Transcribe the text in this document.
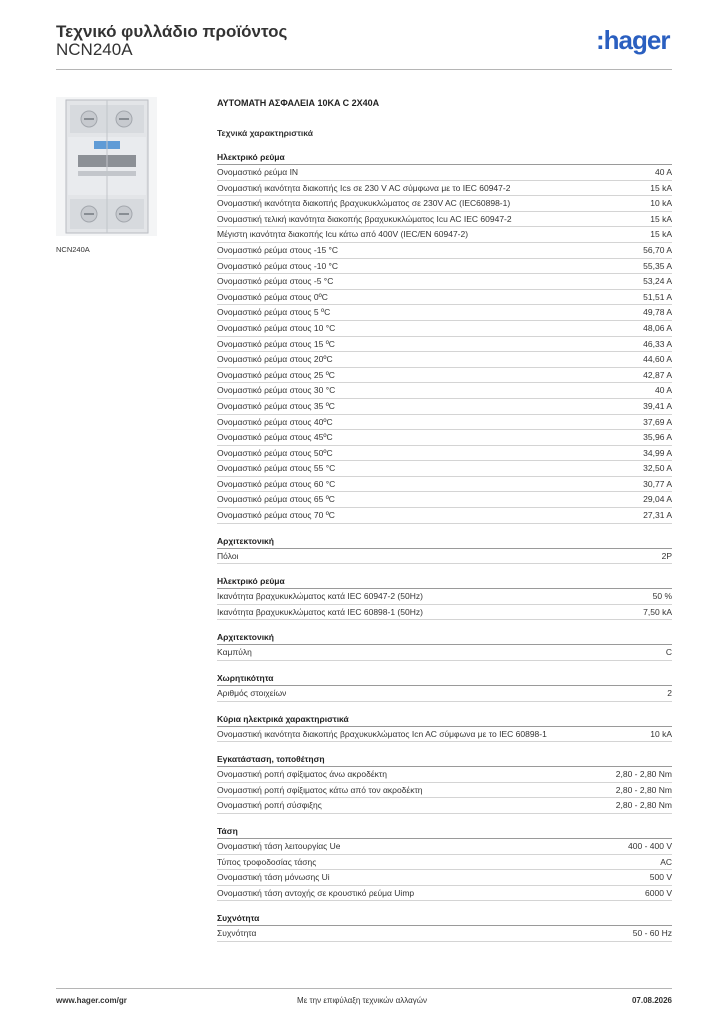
Τεχνικό φυλλάδιο προϊόντος
NCN240A	:hager
NCN240A
ΑΥΤΟΜΑΤΗ ΑΣΦΑΛΕΙΑ 10KA C 2X40A
Τεχνικά χαρακτηριστικά
Ηλεκτρικό ρεύμα
Ονομαστικό ρεύμα IN	40 A
Ονομαστική ικανότητα διακοπής Ics σε 230 V AC σύμφωνα με το IEC 60947-2	15 kA
Ονομαστική ικανότητα διακοπής βραχυκυκλώματος σε 230V AC (IEC60898-1)	10 kA
Ονομαστική τελική ικανότητα διακοπής βραχυκυκλώματος Icu AC IEC 60947-2	15 kA
Μέγιστη ικανότητα διακοπής Icu κάτω από 400V (IEC/EN 60947-2)	15 kA
Ονομαστικό ρεύμα στους -15 °C	56,70 A
Ονομαστικό ρεύμα στους -10 °C	55,35 A
Ονομαστικό ρεύμα στους -5 °C	53,24 A
Ονομαστικό ρεύμα στους 0ºC	51,51 A
Ονομαστικό ρεύμα στους 5 ºC	49,78 A
Ονομαστικό ρεύμα στους 10 °C	48,06 A
Ονομαστικό ρεύμα στους 15 ºC	46,33 A
Ονομαστικό ρεύμα στους 20ºC	44,60 A
Ονομαστικό ρεύμα στους 25 ºC	42,87 A
Ονομαστικό ρεύμα στους 30 °C	40 A
Ονομαστικό ρεύμα στους 35 ºC	39,41 A
Ονομαστικό ρεύμα στους 40ºC	37,69 A
Ονομαστικό ρεύμα στους 45ºC	35,96 A
Ονομαστικό ρεύμα στους 50ºC	34,99 A
Ονομαστικό ρεύμα στους 55 °C	32,50 A
Ονομαστικό ρεύμα στους 60 °C	30,77 A
Ονομαστικό ρεύμα στους 65 ºC	29,04 A
Ονομαστικό ρεύμα στους 70 ºC	27,31 A
Αρχιτεκτονική
Πόλοι	2P
Ηλεκτρικό ρεύμα
Ικανότητα βραχυκυκλώματος κατά IEC 60947-2 (50Hz)	50 %
Ικανότητα βραχυκυκλώματος κατά IEC 60898-1 (50Hz)	7,50 kA
Αρχιτεκτονική
Καμπύλη	C
Χωρητικότητα
Αριθμός στοιχείων	2
Κύρια ηλεκτρικά χαρακτηριστικά
Ονομαστική ικανότητα διακοπής βραχυκυκλώματος Icn AC σύμφωνα με το IEC 60898-1	10 kA
Εγκατάσταση, τοποθέτηση
Ονομαστική ροπή σφίξιματος άνω ακροδέκτη	2,80 - 2,80 Nm
Ονομαστική ροπή σφίξιματος κάτω από τον ακροδέκτη	2,80 - 2,80 Nm
Ονομαστική ροπή σύσφιξης	2,80 - 2,80 Nm
Τάση
Ονομαστική τάση λειτουργίας Ue	400 - 400 V
Τύπος τροφοδοσίας τάσης	AC
Ονομαστική τάση μόνωσης Ui	500 V
Ονομαστική τάση αντοχής σε κρουστικό ρεύμα Uimp	6000 V
Συχνότητα
Συχνότητα	50 - 60 Hz
www.hager.com/gr	Με την επιφύλαξη τεχνικών αλλαγών	07.08.2026
